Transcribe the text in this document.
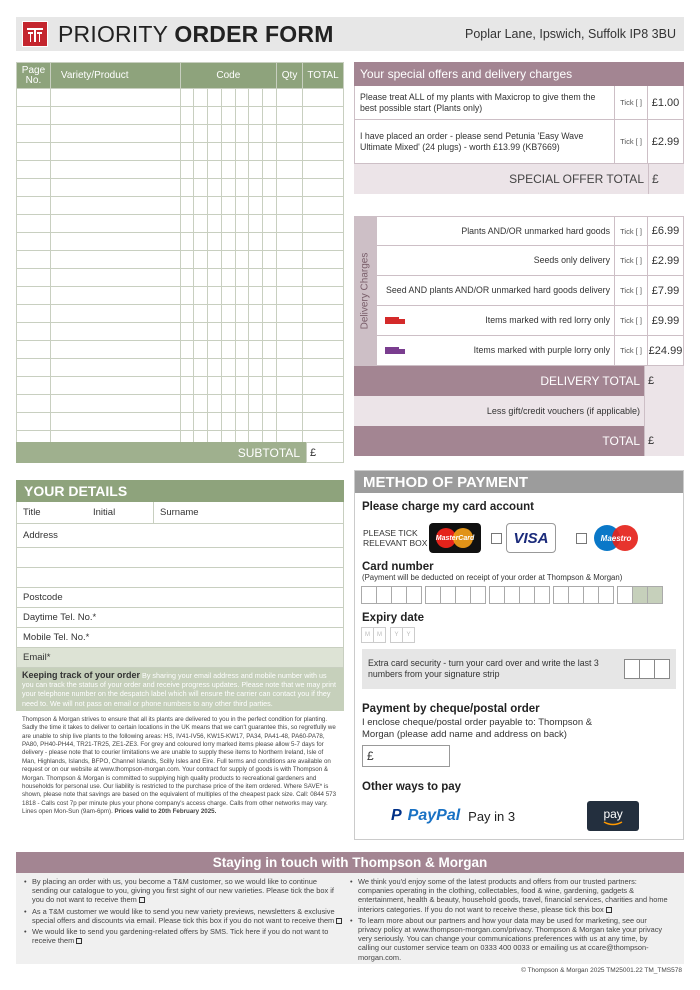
PRIORITY ORDER FORM	Poplar Lane, Ipswich, Suffolk IP8 3BU
Page No.	Variety/Product	Code	Qty	TOTAL

SUBTOTAL £
Your special offers and delivery charges
Please treat ALL of my plants with Maxicrop to give them the best possible start (Plants only)	Tick [ ] £1.00
I have placed an order - please send Petunia 'Easy Wave Ultimate Mixed' (24 plugs) - worth £13.99 (KB7669)	Tick [ ] £2.99
SPECIAL OFFER TOTAL £
Delivery Charges
Plants AND/OR unmarked hard goods	Tick [ ] £6.99
Seeds only delivery	Tick [ ] £2.99
Seed AND plants AND/OR unmarked hard goods delivery	Tick [ ] £7.99
Items marked with red lorry only	Tick [ ] £9.99
Items marked with purple lorry only	Tick [ ] £24.99
DELIVERY TOTAL £
Less gift/credit vouchers (if applicable)
TOTAL £
YOUR DETAILS
Title	Initial	Surname
Address
Postcode
Daytime Tel. No.*
Mobile Tel. No.*
Email*
Keeping track of your order By sharing your email address and mobile number with us you can track the status of your order and receive progress updates. Please note that we may print your telephone number on the despatch label which will ensure the carrier can contact you if they need to. We will not pass on email or phone numbers to any other third parties.
Thompson & Morgan strives to ensure that all its plants are delivered to you in the perfect condition for planting. Sadly the time it takes to deliver to certain locations in the UK means that we can't guarantee this, so regretfully we are unable to ship live plants to the following areas: HS, IV41-IV56, KW15-KW17, PA34, PA41-48, PA60-PA78, PA80, PH40-PH44, TR21-TR25, ZE1-ZE3. For grey and coloured lorry marked items please allow 5-7 days for delivery - please note that to courier limitations we are unable to supply these items to Northern Ireland, Isle of Man, Highlands, Islands, BFPO, Channel Islands, Scilly Isles and Eire. Full terms and conditions are available on request or on our website at www.thompson-morgan.com. Your contract for supply of goods is with Thompson & Morgan. Thompson & Morgan is committed to supplying high quality products to recreational gardeners and households for personal use. Our liability is restricted to the purchase price of the item ordered. Where SAVE* is shown, please note that savings are based on the equivalent of multiples of the cheapest pack size. Call: 0844 573 1818 - Calls cost 7p per minute plus your phone company's access charge. Calls from other networks may vary. Lines open Mon-Sun (9am-6pm). Prices valid to 20th February 2025.
METHOD OF PAYMENT
Please charge my card account
PLEASE TICK RELEVANT BOX MasterCard	VISA	Maestro
Card number
(Payment will be deducted on receipt of your order at Thompson & Morgan)
Expiry date
M	M	Y	Y
Extra card security - turn your card over and write the last 3 numbers from your signature strip
Payment by cheque/postal order
I enclose cheque/postal order payable to: Thompson & Morgan (please add name and address on back)
£
Other ways to pay
P PayPal Pay in 3	pay
Staying in touch with Thompson & Morgan
• By placing an order with us, you become a T&M customer, so we would like to continue sending our catalogue to you, giving you first sight of our new varieties. Please tick the box if you do not want to receive them
• As a T&M customer we would like to send you new variety previews, newsletters & exclusive special offers and discounts via email. Please tick this box if you do not want to receive them
• We would like to send you gardening-related offers by SMS. Tick here if you do not want to receive them
• We think you'd enjoy some of the latest products and offers from our trusted partners: companies operating in the clothing, collectables, food & wine, gardening, gadgets & entertainment, health & beauty, household goods, travel, financial services, charities and home interiors categories. If you do not want to receive these, please tick this box
• To learn more about our partners and how your data may be used for marketing, see our privacy policy at www.thompson-morgan.com/privacy. Thompson & Morgan take your privacy very seriously. You can change your communications preferences with us at any time, by calling our customer service team on 0333 400 0033 or emailing us at ccare@thompson-morgan.com.
© Thompson & Morgan 2025 TM25001.22 TM_TMS578
